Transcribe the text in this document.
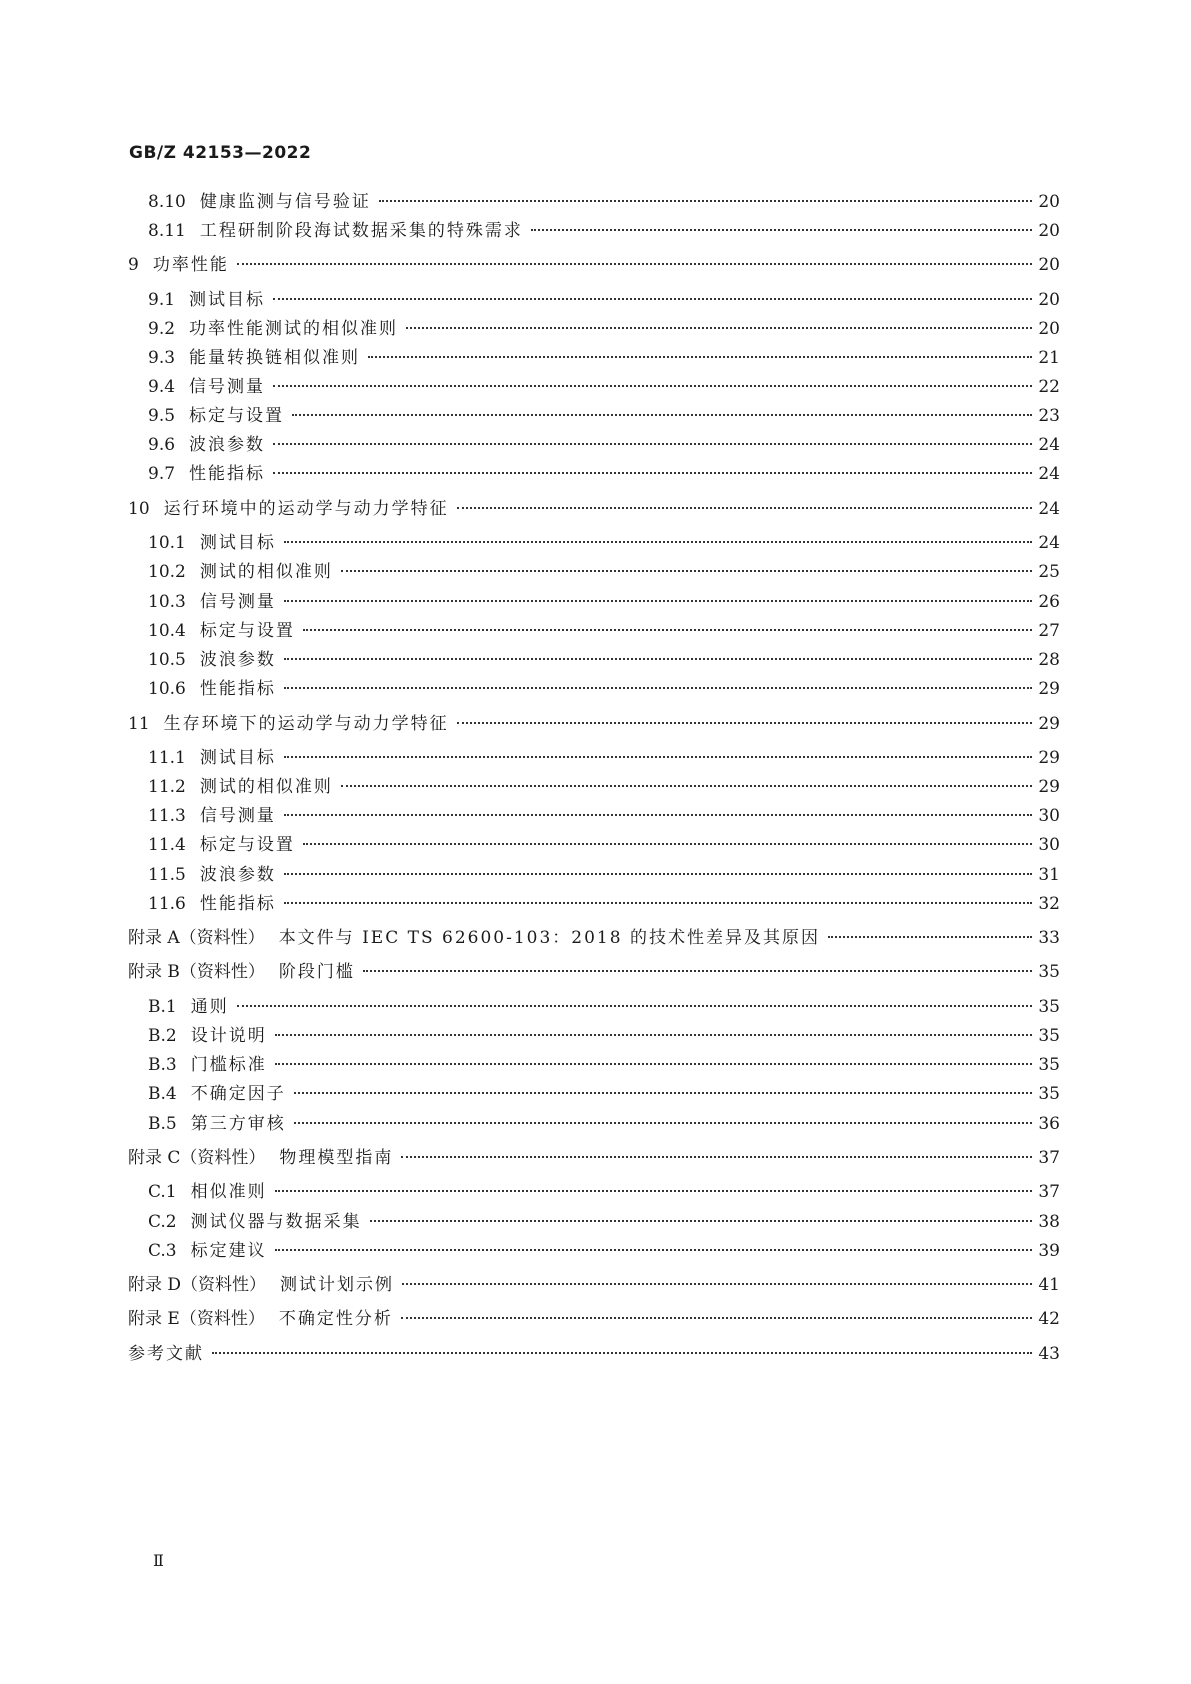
GB/Z 42153—2022
8.10 健康监测与信号验证	20
8.11 工程研制阶段海试数据采集的特殊需求	20
9 功率性能	20
9.1 测试目标	20
9.2 功率性能测试的相似准则	20
9.3 能量转换链相似准则	21
9.4 信号测量	22
9.5 标定与设置	23
9.6 波浪参数	24
9.7 性能指标	24
10 运行环境中的运动学与动力学特征	24
10.1 测试目标	24
10.2 测试的相似准则	25
10.3 信号测量	26
10.4 标定与设置	27
10.5 波浪参数	28
10.6 性能指标	29
11 生存环境下的运动学与动力学特征	29
11.1 测试目标	29
11.2 测试的相似准则	29
11.3 信号测量	30
11.4 标定与设置	30
11.5 波浪参数	31
11.6 性能指标	32
附录 A（资料性） 本文件与 IEC TS 62600-103：2018 的技术性差异及其原因	33
附录 B（资料性） 阶段门槛	35
B.1 通则	35
B.2 设计说明	35
B.3 门槛标准	35
B.4 不确定因子	35
B.5 第三方审核	36
附录 C（资料性） 物理模型指南	37
C.1 相似准则	37
C.2 测试仪器与数据采集	38
C.3 标定建议	39
附录 D（资料性） 测试计划示例	41
附录 E（资料性） 不确定性分析	42
参考文献	43
Ⅱ
